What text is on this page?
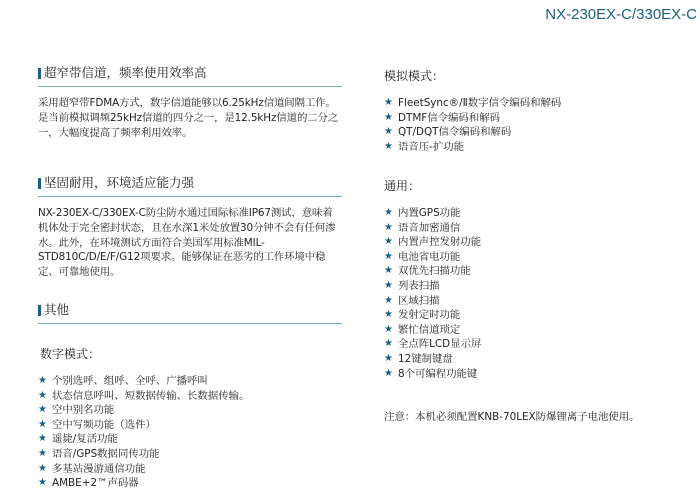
NX-230EX-C/330EX-C
超窄带信道，频率使用效率高
采用超窄带FDMA方式，数字信道能够以6.25kHz信道间隔工作。是当前模拟调频25kHz信道的四分之一，是12.5kHz信道的二分之一，大幅度提高了频率利用效率。
坚固耐用，环境适应能力强
NX-230EX-C/330EX-C防尘防水通过国际标准IP67测试，意味着机体处于完全密封状态，且在水深1米处放置30分钟不会有任何渗水。此外，在环境测试方面符合美国军用标准MIL-STD810C/D/E/F/G12项要求。能够保证在恶劣的工作环境中稳定、可靠地使用。
其他
数字模式：
★ 个别选呼、组呼、全呼、广播呼叫
★ 状态信息呼叫、短数据传输、长数据传输。
★ 空中别名功能
★ 空中写频功能（选件）
★ 遥毙/复活功能
★ 语音/GPS数据同传功能
★ 多基站漫游通信功能
★ AMBE+2™声码器
模拟模式：
★ FleetSync®/Ⅱ数字信令编码和解码
★ DTMF信令编码和解码
★ QT/DQT信令编码和解码
★ 语音压-扩功能
通用：
★ 内置GPS功能
★ 语音加密通信
★ 内置声控发射功能
★ 电池省电功能
★ 双优先扫描功能
★ 列表扫描
★ 区域扫描
★ 发射定时功能
★ 繁忙信道琐定
★ 全点阵LCD显示屏
★ 12键制键盘
★ 8个可编程功能键
注意：本机必须配置KNB-70LEX防爆锂离子电池使用。
